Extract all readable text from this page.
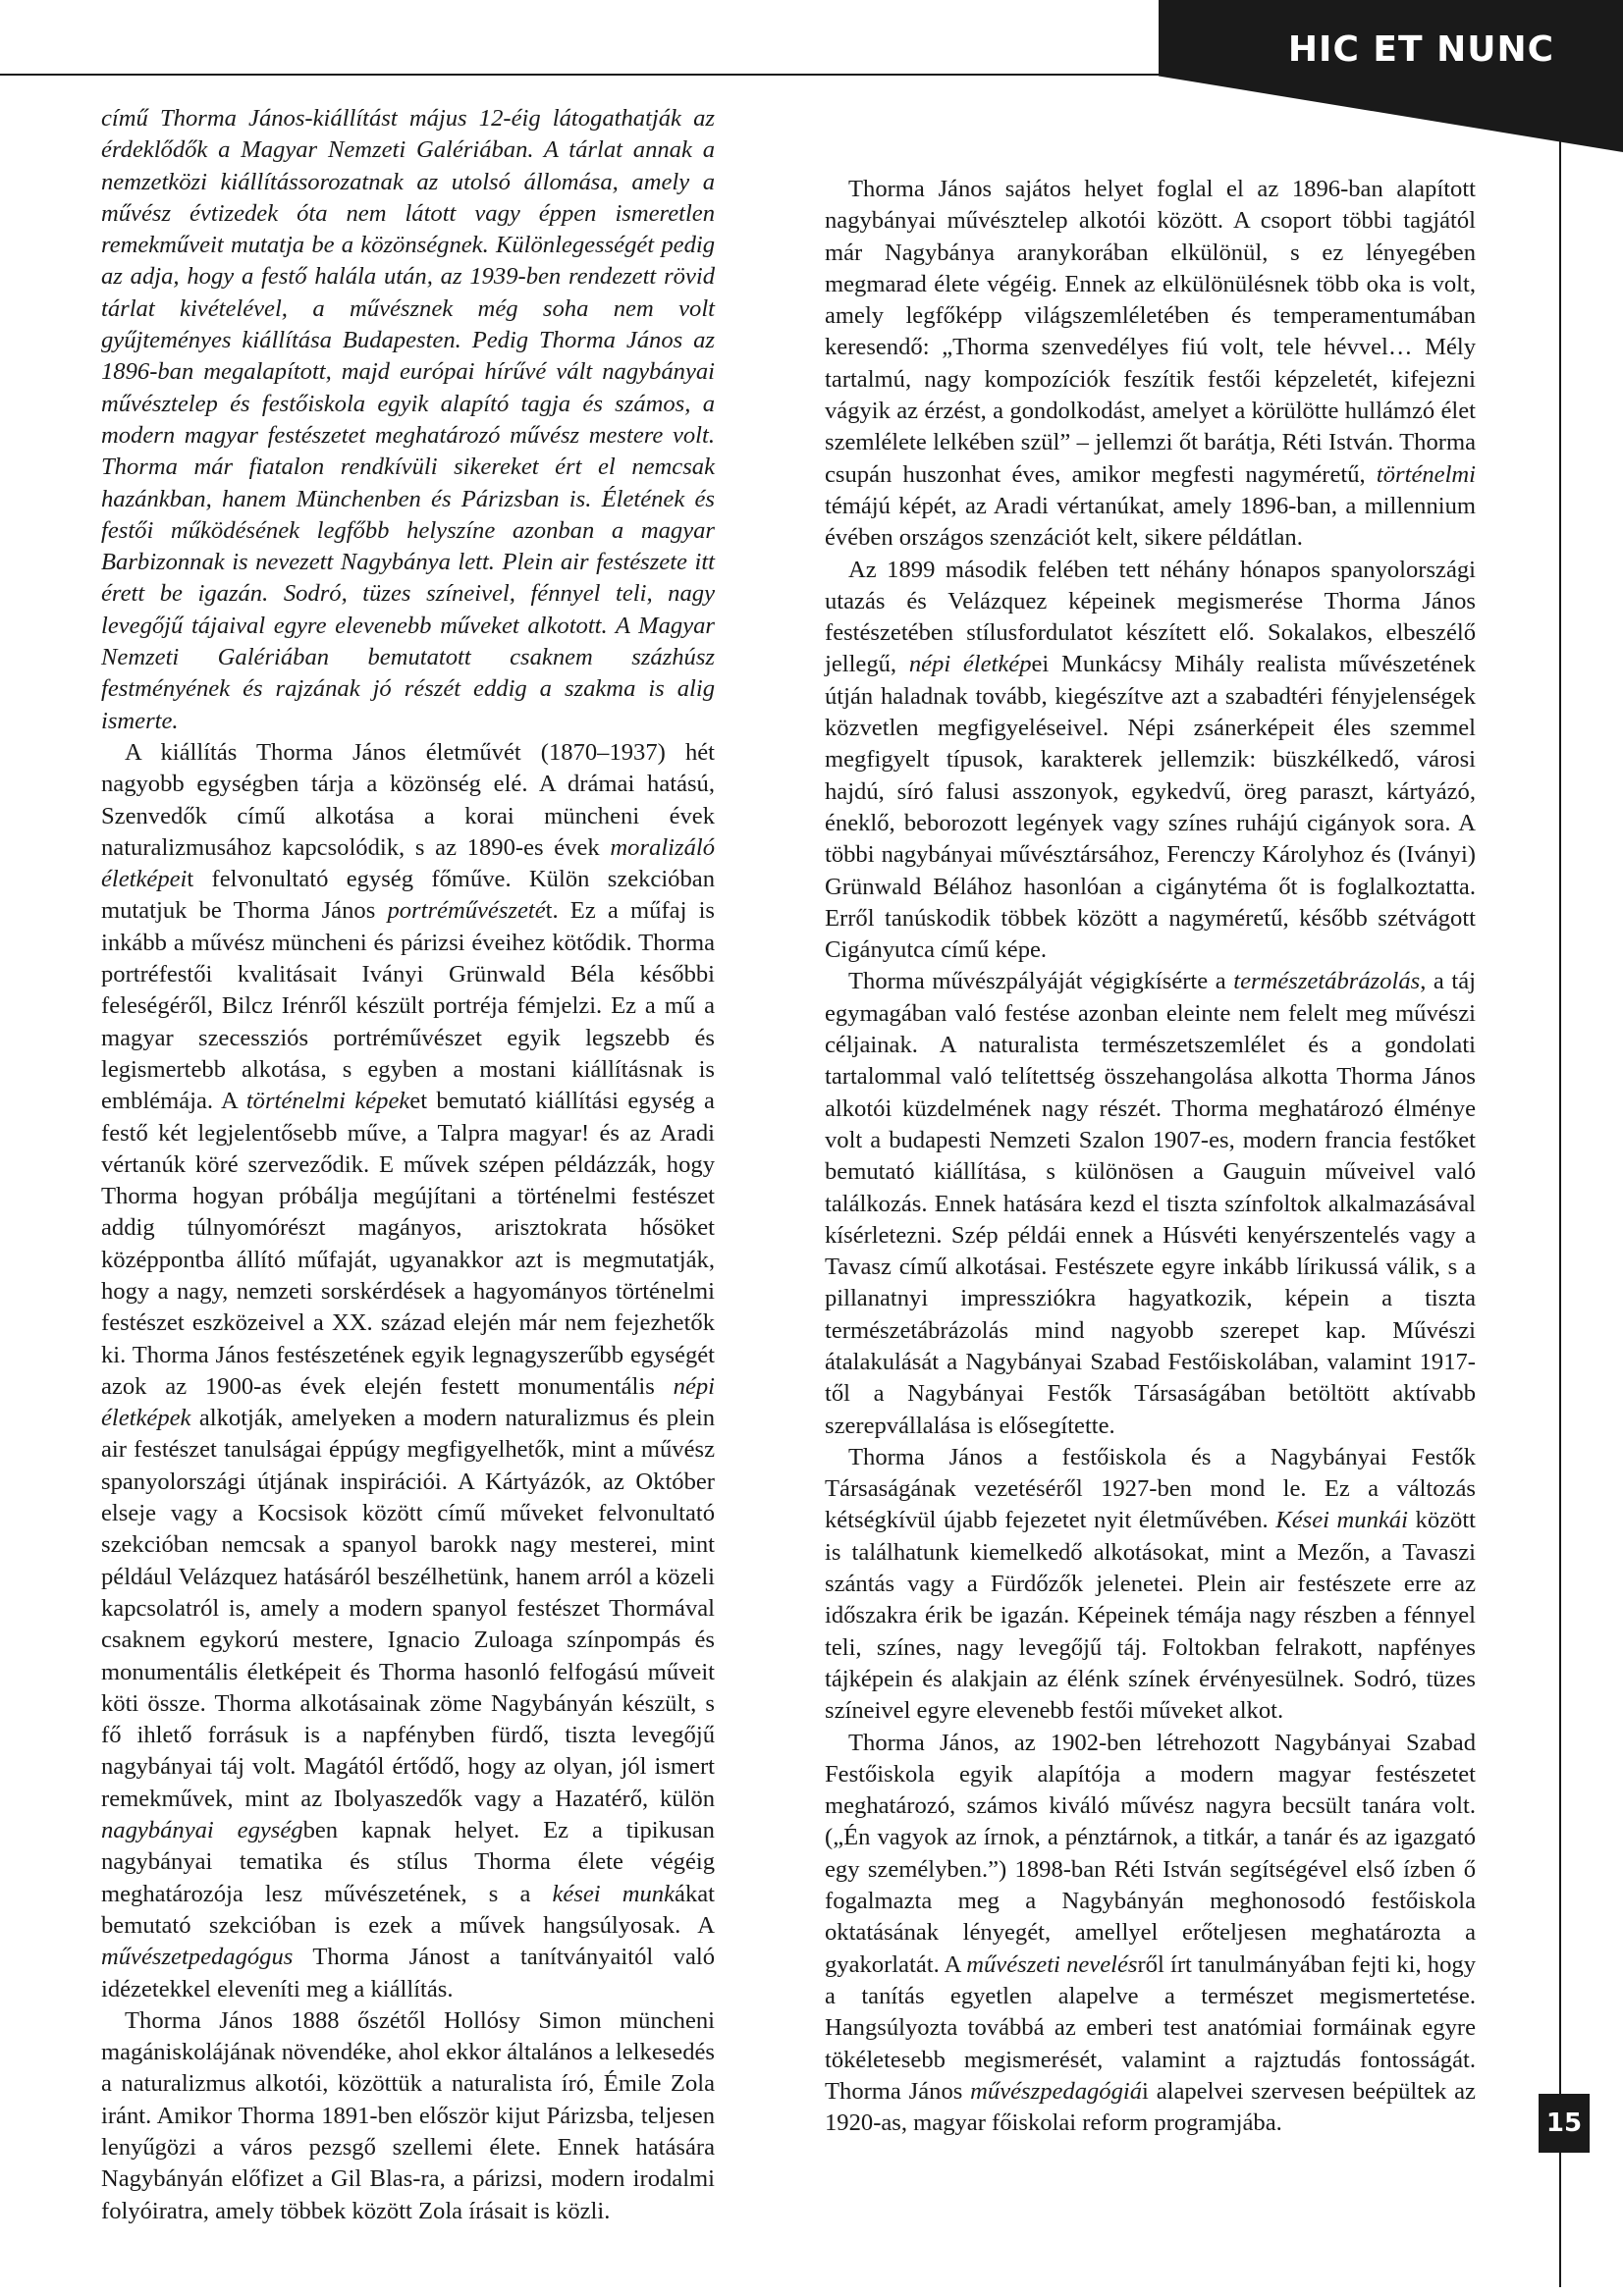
HIC ET NUNC

című Thorma János-kiállítást május 12-éig látogathatják az érdeklődők a Magyar Nemzeti Galériában. A tárlat annak a nemzetközi kiállítássorozatnak az utolsó állomása, amely a művész évtizedek óta nem látott vagy éppen ismeretlen remekműveit mutatja be a közönségnek. Különlegességét pedig az adja, hogy a festő halála után, az 1939-ben rendezett rövid tárlat kivételével, a művésznek még soha nem volt gyűjteményes kiállítása Budapesten. Pedig Thorma János az 1896-ban megalapított, majd európai hírűvé vált nagybányai művésztelep és festőiskola egyik alapító tagja és számos, a modern magyar festészetet meghatározó művész mestere volt. Thorma már fiatalon rendkívüli sikereket ért el nemcsak hazánkban, hanem Münchenben és Párizsban is. Életének és festői működésének legfőbb helyszíne azonban a magyar Barbizonnak is nevezett Nagybánya lett. Plein air festészete itt érett be igazán. Sodró, tüzes színeivel, fénnyel teli, nagy levegőjű tájaival egyre elevenebb műveket alkotott. A Magyar Nemzeti Galériában bemutatott csaknem százhúsz festményének és rajzának jó részét eddig a szakma is alig ismerte.

A kiállítás Thorma János életművét (1870–1937) hét nagyobb egységben tárja a közönség elé. A drámai hatású, Szenvedők című alkotása a korai müncheni évek naturalizmusához kapcsolódik, s az 1890-es évek moralizáló életképeit felvonultató egység főműve. Külön szekcióban mutatjuk be Thorma János portréművészetét. Ez a műfaj is inkább a művész müncheni és párizsi éveihez kötődik. Thorma portréfestői kvalitásait Iványi Grünwald Béla későbbi feleségéről, Bilcz Irénről készült portréja fémjelzi. Ez a mű a magyar szecessziós portréművészet egyik legszebb és legismertebb alkotása, s egyben a mostani kiállításnak is emblémája. A történelmi képeket bemutató kiállítási egység a festő két legjelentősebb műve, a Talpra magyar! és az Aradi vértanúk köré szerveződik. E művek szépen példázzák, hogy Thorma hogyan próbálja megújítani a történelmi festészet addig túlnyomórészt magányos, arisztokrata hősöket középpontba állító műfaját, ugyanakkor azt is megmutatják, hogy a nagy, nemzeti sorskérdések a hagyományos történelmi festészet eszközeivel a XX. század elején már nem fejezhetők ki. Thorma János festészetének egyik legnagyszerűbb egységét azok az 1900-as évek elején festett monumentális népi életképek alkotják, amelyeken a modern naturalizmus és plein air festészet tanulságai éppúgy megfigyelhetők, mint a művész spanyolországi útjának inspirációi. A Kártyázók, az Október elseje vagy a Kocsisok között című műveket felvonultató szekcióban nemcsak a spanyol barokk nagy mesterei, mint például Velázquez hatásáról beszélhetünk, hanem arról a közeli kapcsolatról is, amely a modern spanyol festészet Thormával csaknem egykorú mestere, Ignacio Zuloaga színpompás és monumentális életképeit és Thorma hasonló felfogású műveit köti össze. Thorma alkotásainak zöme Nagybányán készült, s fő ihlető forrásuk is a napfényben fürdő, tiszta levegőjű nagybányai táj volt. Magától értődő, hogy az olyan, jól ismert remekművek, mint az Ibolyaszedők vagy a Hazatérő, külön nagybányai egységben kapnak helyet. Ez a tipikusan nagybányai tematika és stílus Thorma élete végéig meghatározója lesz művészetének, s a kései munkákat bemutató szekcióban is ezek a művek hangsúlyosak. A művészetpedagógus Thorma Jánost a tanítványaitól való idézetekkel eleveníti meg a kiállítás.

Thorma János 1888 őszétől Hollósy Simon müncheni magániskolájának növendéke, ahol ekkor általános a lelkesedés a naturalizmus alkotói, közöttük a naturalista író, Émile Zola iránt. Amikor Thorma 1891-ben először kijut Párizsba, teljesen lenyűgözi a város pezsgő szellemi élete. Ennek hatására Nagybányán előfizet a Gil Blas-ra, a párizsi, modern irodalmi folyóiratra, amely többek között Zola írásait is közli.

Thorma János sajátos helyet foglal el az 1896-ban alapított nagybányai művésztelep alkotói között. A csoport többi tagjától már Nagybánya aranykorában elkülönül, s ez lényegében megmarad élete végéig. Ennek az elkülönülésnek több oka is volt, amely legfőképp világszemléletében és temperamentumában keresendő: „Thorma szenvedélyes fiú volt, tele hévvel… Mély tartalmú, nagy kompozíciók feszítik festői képzeletét, kifejezni vágyik az érzést, a gondolkodást, amelyet a körülötte hullámzó élet szemlélete lelkében szül” – jellemzi őt barátja, Réti István. Thorma csupán huszonhat éves, amikor megfesti nagyméretű, történelmi témájú képét, az Aradi vértanúkat, amely 1896-ban, a millennium évében országos szenzációt kelt, sikere példátlan.

Az 1899 második felében tett néhány hónapos spanyolországi utazás és Velázquez képeinek megismerése Thorma János festészetében stílusfordulatot készített elő. Sokalakos, elbeszélő jellegű, népi életképei Munkácsy Mihály realista művészetének útján haladnak tovább, kiegészítve azt a szabadtéri fényjelenségek közvetlen megfigyeléseivel. Népi zsánerképeit éles szemmel megfigyelt típusok, karakterek jellemzik: büszkélkedő, városi hajdú, síró falusi asszonyok, egykedvű, öreg paraszt, kártyázó, éneklő, beborozott legények vagy színes ruhájú cigányok sora. A többi nagybányai művésztársához, Ferenczy Károlyhoz és (Iványi) Grünwald Bélához hasonlóan a cigánytéma őt is foglalkoztatta. Erről tanúskodik többek között a nagyméretű, később szétvágott Cigányutca című képe.

Thorma művészpályáját végigkísérte a természetábrázolás, a táj egymagában való festése azonban eleinte nem felelt meg művészi céljainak. A naturalista természetszemlélet és a gondolati tartalommal való telítettség összehangolása alkotta Thorma János alkotói küzdelmének nagy részét. Thorma meghatározó élménye volt a budapesti Nemzeti Szalon 1907-es, modern francia festőket bemutató kiállítása, s különösen a Gauguin műveivel való találkozás. Ennek hatására kezd el tiszta színfoltok alkalmazásával kísérletezni. Szép példái ennek a Húsvéti kenyérszentelés vagy a Tavasz című alkotásai. Festészete egyre inkább lírikussá válik, s a pillanatnyi impressziókra hagyatkozik, képein a tiszta természetábrázolás mind nagyobb szerepet kap. Művészi átalakulását a Nagybányai Szabad Festőiskolában, valamint 1917-től a Nagybányai Festők Társaságában betöltött aktívabb szerepvállalása is elősegítette.

Thorma János a festőiskola és a Nagybányai Festők Társaságának vezetéséről 1927-ben mond le. Ez a változás kétségkívül újabb fejezetet nyit életművében. Kései munkái között is találhatunk kiemelkedő alkotásokat, mint a Mezőn, a Tavaszi szántás vagy a Fürdőzők jelenetei. Plein air festészete erre az időszakra érik be igazán. Képeinek témája nagy részben a fénnyel teli, színes, nagy levegőjű táj. Foltokban felrakott, napfényes tájképein és alakjain az élénk színek érvényesülnek. Sodró, tüzes színeivel egyre elevenebb festői műveket alkot.

Thorma János, az 1902-ben létrehozott Nagybányai Szabad Festőiskola egyik alapítója a modern magyar festészetet meghatározó, számos kiváló művész nagyra becsült tanára volt. („Én vagyok az írnok, a pénztárnok, a titkár, a tanár és az igazgató egy személyben.”) 1898-ban Réti István segítségével első ízben ő fogalmazta meg a Nagybányán meghonosodó festőiskola oktatásának lényegét, amellyel erőteljesen meghatározta a gyakorlatát. A művészeti nevelésről írt tanulmányában fejti ki, hogy a tanítás egyetlen alapelve a természet megismertetése. Hangsúlyozta továbbá az emberi test anatómiai formáinak egyre tökéletesebb megismerését, valamint a rajztudás fontosságát. Thorma János művészpedagógiái alapelvei szervesen beépültek az 1920-as, magyar főiskolai reform programjába.	15
